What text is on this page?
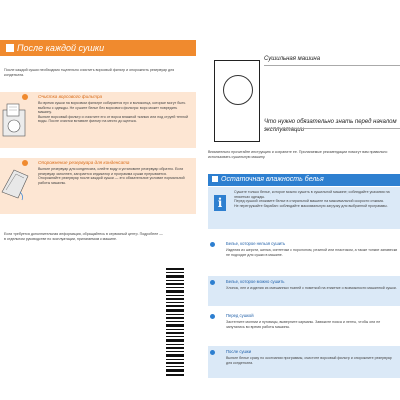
После каждой сушки
После каждой сушки необходимо тщательно очистить ворсовый фильтр и опорожнить резервуар для конденсата.
Очистка ворсового фильтра
Во время сушки на ворсовом фильтре собирается пух и волоконца, которые могут быть выбиты с одежды. Не сушите белье без ворсового фильтра: ворс может повредить машину.
Выньте ворсовый фильтр и очистите его от ворса влажной тканью или под струей теплой воды. После очистки вставьте фильтр на место до щелчка.
Опорожнение резервуара для конденсата
Выньте резервуар для конденсата, слейте воду и установите резервуар обратно. Если резервуар заполнен, загорается индикатор и программа сушки прерывается.
Опорожняйте резервуар после каждой сушки — это обязательное условие нормальной работы машины.
Если требуется дополнительная информация, обращайтесь в сервисный центр. Подробнее — в отдельном руководстве по эксплуатации, прилагаемом к машине.
Сушильная машина
Что нужно обязательно знать перед началом эксплуатации
Внимательно прочитайте инструкцию и сохраните ее. Прилагаемые рекомендации помогут вам правильно использовать сушильную машину.
Остаточная влажность белья
i
Сушите только белье, которое можно сушить в сушильной машине; соблюдайте указания на этикетках одежды.
Перед сушкой отожмите белье в стиральной машине на максимальной скорости отжима.
Не перегружайте барабан: соблюдайте максимальную загрузку для выбранной программы.
Белье, которое нельзя сушить
Изделия из шерсти, шелка, синтетики с поролоном, резиной или пластиком, а также тонкие занавески не подходят для сушки в машине.
Белье, которое можно сушить
Хлопок, лен и изделия из смешанных тканей с пометкой на этикетке о возможности машинной сушки.
Перед сушкой
Застегните молнии и пуговицы, выверните карманы. Завяжите пояса и ленты, чтобы они не запутались во время работы машины.
После сушки
Выньте белье сразу по окончании программы, очистите ворсовый фильтр и опорожните резервуар для конденсата.
